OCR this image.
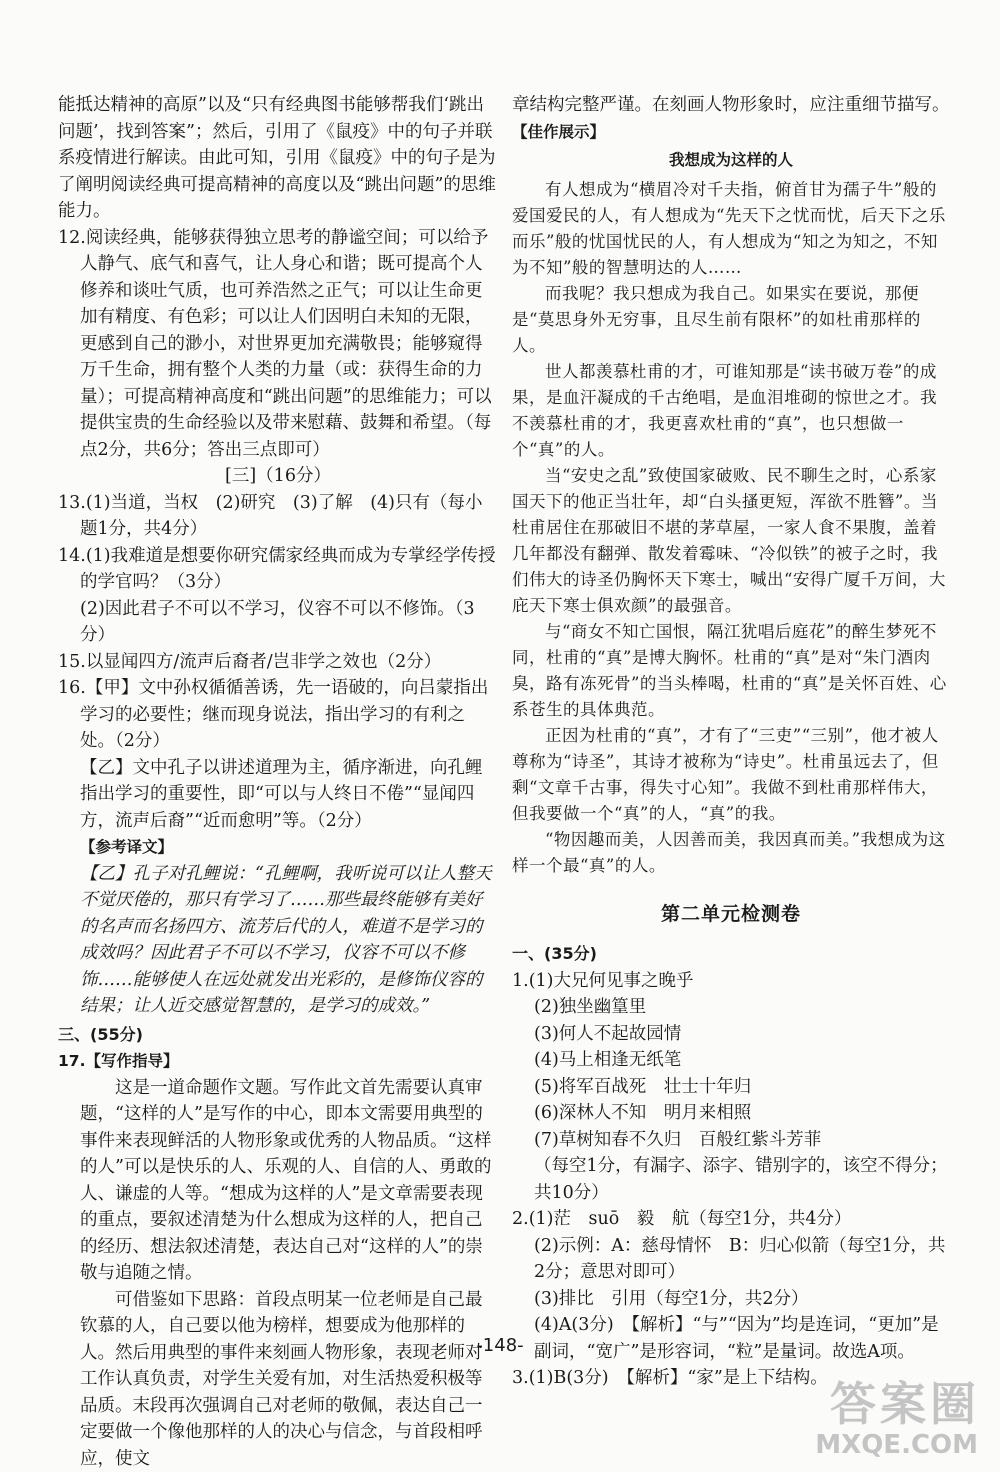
能抵达精神的高原”以及“只有经典图书能够帮我们‘跳出问题’，找到答案”；然后，引用了《鼠疫》中的句子并联系疫情进行解读。由此可知，引用《鼠疫》中的句子是为了阐明阅读经典可提高精神的高度以及“跳出问题”的思维能力。

12.阅读经典，能够获得独立思考的静谧空间；可以给予人静气、底气和喜气，让人身心和谐；既可提高个人修养和谈吐气质，也可养浩然之正气；可以让生命更加有精度、有色彩；可以让人们因明白未知的无限，更感到自己的渺小，对世界更加充满敬畏；能够窥得万千生命，拥有整个人类的力量（或：获得生命的力量）；可提高精神高度和“跳出问题”的思维能力；可以提供宝贵的生命经验以及带来慰藉、鼓舞和希望。（每点2分，共6分；答出三点即可）

[三]（16分）

13.(1)当道，当权　(2)研究　(3)了解　(4)只有（每小题1分，共4分）

14.(1)我难道是想要你研究儒家经典而成为专掌经学传授的学官吗？（3分）

(2)因此君子不可以不学习，仪容不可以不修饰。（3分）

15.以显闻四方/流声后裔者/岂非学之效也（2分）

16.【甲】文中孙权循循善诱，先一语破的，向吕蒙指出学习的必要性；继而现身说法，指出学习的有利之处。（2分）

【乙】文中孔子以讲述道理为主，循序渐进，向孔鲤指出学习的重要性，即“可以与人终日不倦”“显闻四方，流声后裔”“近而愈明”等。（2分）

【参考译文】

【乙】孔子对孔鲤说：“孔鲤啊，我听说可以让人整天不觉厌倦的，那只有学习了……那些最终能够有美好的名声而名扬四方、流芳后代的人，难道不是学习的成效吗？因此君子不可以不学习，仪容不可以不修饰……能够使人在远处就发出光彩的，是修饰仪容的结果；让人近交感觉智慧的，是学习的成效。”

三、(55分)

17.【写作指导】

这是一道命题作文题。写作此文首先需要认真审题，“这样的人”是写作的中心，即本文需要用典型的事件来表现鲜活的人物形象或优秀的人物品质。“这样的人”可以是快乐的人、乐观的人、自信的人、勇敢的人、谦虚的人等。“想成为这样的人”是文章需要表现的重点，要叙述清楚为什么想成为这样的人，把自己的经历、想法叙述清楚，表达自己对“这样的人”的崇敬与追随之情。

可借鉴如下思路：首段点明某一位老师是自己最钦慕的人，自己要以他为榜样，想要成为他那样的人。然后用典型的事件来刻画人物形象，表现老师对工作认真负责，对学生关爱有加，对生活热爱积极等品质。末段再次强调自己对老师的敬佩，表达自己一定要做一个像他那样的人的决心与信念，与首段相呼应，使文

章结构完整严谨。在刻画人物形象时，应注重细节描写。

【佳作展示】

我想成为这样的人

有人想成为“横眉冷对千夫指，俯首甘为孺子牛”般的爱国爱民的人，有人想成为“先天下之忧而忧，后天下之乐而乐”般的忧国忧民的人，有人想成为“知之为知之，不知为不知”般的智慧明达的人……

而我呢？我只想成为我自己。如果实在要说，那便是“莫思身外无穷事，且尽生前有限杯”的如杜甫那样的人。

世人都羡慕杜甫的才，可谁知那是“读书破万卷”的成果，是血汗凝成的千古绝唱，是血泪堆砌的惊世之才。我不羡慕杜甫的才，我更喜欢杜甫的“真”，也只想做一个“真”的人。

当“安史之乱”致使国家破败、民不聊生之时，心系家国天下的他正当壮年，却“白头搔更短，浑欲不胜簪”。当杜甫居住在那破旧不堪的茅草屋，一家人食不果腹，盖着几年都没有翻弹、散发着霉味、“冷似铁”的被子之时，我们伟大的诗圣仍胸怀天下寒士，喊出“安得广厦千万间，大庇天下寒士俱欢颜”的最强音。

与“商女不知亡国恨，隔江犹唱后庭花”的醉生梦死不同，杜甫的“真”是博大胸怀。杜甫的“真”是对“朱门酒肉臭，路有冻死骨”的当头棒喝，杜甫的“真”是关怀百姓、心系苍生的具体典范。

正因为杜甫的“真”，才有了“三吏”“三别”，他才被人尊称为“诗圣”，其诗才被称为“诗史”。杜甫虽远去了，但剩“文章千古事，得失寸心知”。我做不到杜甫那样伟大，但我要做一个“真”的人，“真”的我。

“物因趣而美，人因善而美，我因真而美。”我想成为这样一个最“真”的人。

第二单元检测卷

一、(35分)

1.(1)大兄何见事之晚乎

(2)独坐幽篁里

(3)何人不起故园情

(4)马上相逢无纸笔

(5)将军百战死　壮士十年归

(6)深林人不知　明月来相照

(7)草树知春不久归　百般红紫斗芳菲

（每空1分，有漏字、添字、错别字的，该空不得分；共10分）

2.(1)茫　suō　毅　航（每空1分，共4分）

(2)示例：A：慈母情怀　B：归心似箭（每空1分，共2分；意思对即可）

(3)排比　引用（每空1分，共2分）

(4)A(3分)　【解析】“与”“因为”均是连词，“更加”是副词，“宽广”是形容词，“粒”是量词。故选A项。

3.(1)B(3分)　【解析】“家”是上下结构。

-148-
答案圈
MXQE.COM
